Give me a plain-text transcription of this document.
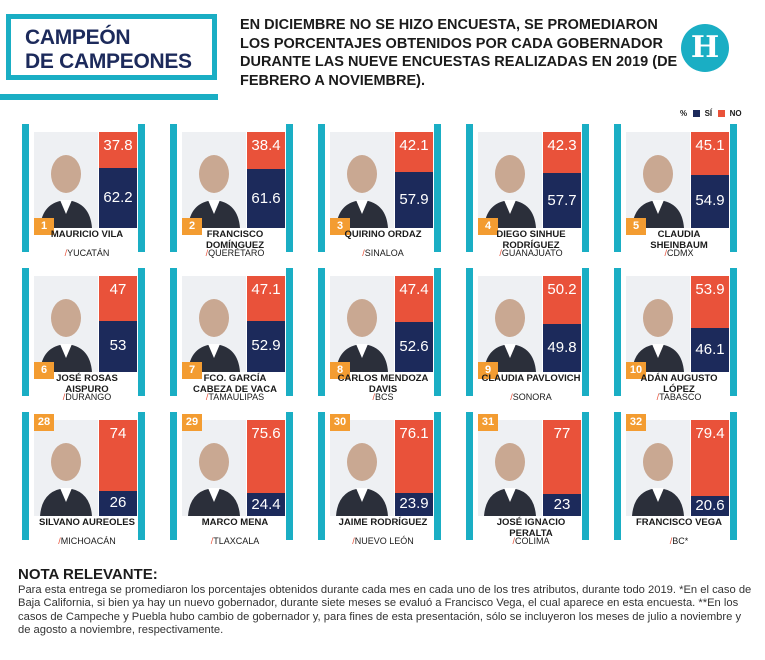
CAMPEÓN
DE CAMPEONES
EN DICIEMBRE NO SE HIZO ENCUESTA, SE PROMEDIARON LOS PORCENTAJES OBTENIDOS POR CADA GOBERNADOR DURANTE LAS NUEVE ENCUESTAS REALIZADAS EN 2019 (DE FEBRERO A NOVIEMBRE).
H
% SÍ NO
37.8
62.2
1
MAURICIO VILA
/YUCATÁN
38.4
61.6
2
FRANCISCO DOMÍNGUEZ
/QUERÉTARO
42.1
57.9
3
QUIRINO ORDAZ
/SINALOA
42.3
57.7
4
DIEGO SINHUE RODRÍGUEZ
/GUANAJUATO
45.1
54.9
5
CLAUDIA SHEINBAUM
/CDMX
47
53
6
JOSÉ ROSAS AISPURO
/DURANGO
47.1
52.9
7
FCO. GARCÍA CABEZA DE VACA
/TAMAULIPAS
47.4
52.6
8
CARLOS MENDOZA DAVIS
/BCS
50.2
49.8
9
CLAUDIA PAVLOVICH
/SONORA
53.9
46.1
10
ADÁN AUGUSTO LÓPEZ
/TABASCO
74
26
28
SILVANO AUREOLES
/MICHOACÁN
75.6
24.4
29
MARCO MENA
/TLAXCALA
76.1
23.9
30
JAIME RODRÍGUEZ
/NUEVO LEÓN
77
23
31
JOSÉ IGNACIO PERALTA
/COLIMA
79.4
20.6
32
FRANCISCO VEGA
/BC*
NOTA RELEVANTE:
Para esta entrega se promediaron los porcentajes obtenidos durante cada mes en cada uno de los tres atributos, durante todo 2019. *En el caso de Baja California, si bien ya hay un nuevo gobernador, durante siete meses se evaluó a Francisco Vega, el cual aparece en esta encuesta. **En los casos de Campeche y Puebla hubo cambio de gobernador y, para fines de esta presentación, sólo se incluyeron los meses de julio a noviembre y de agosto a noviembre, respectivamente.
